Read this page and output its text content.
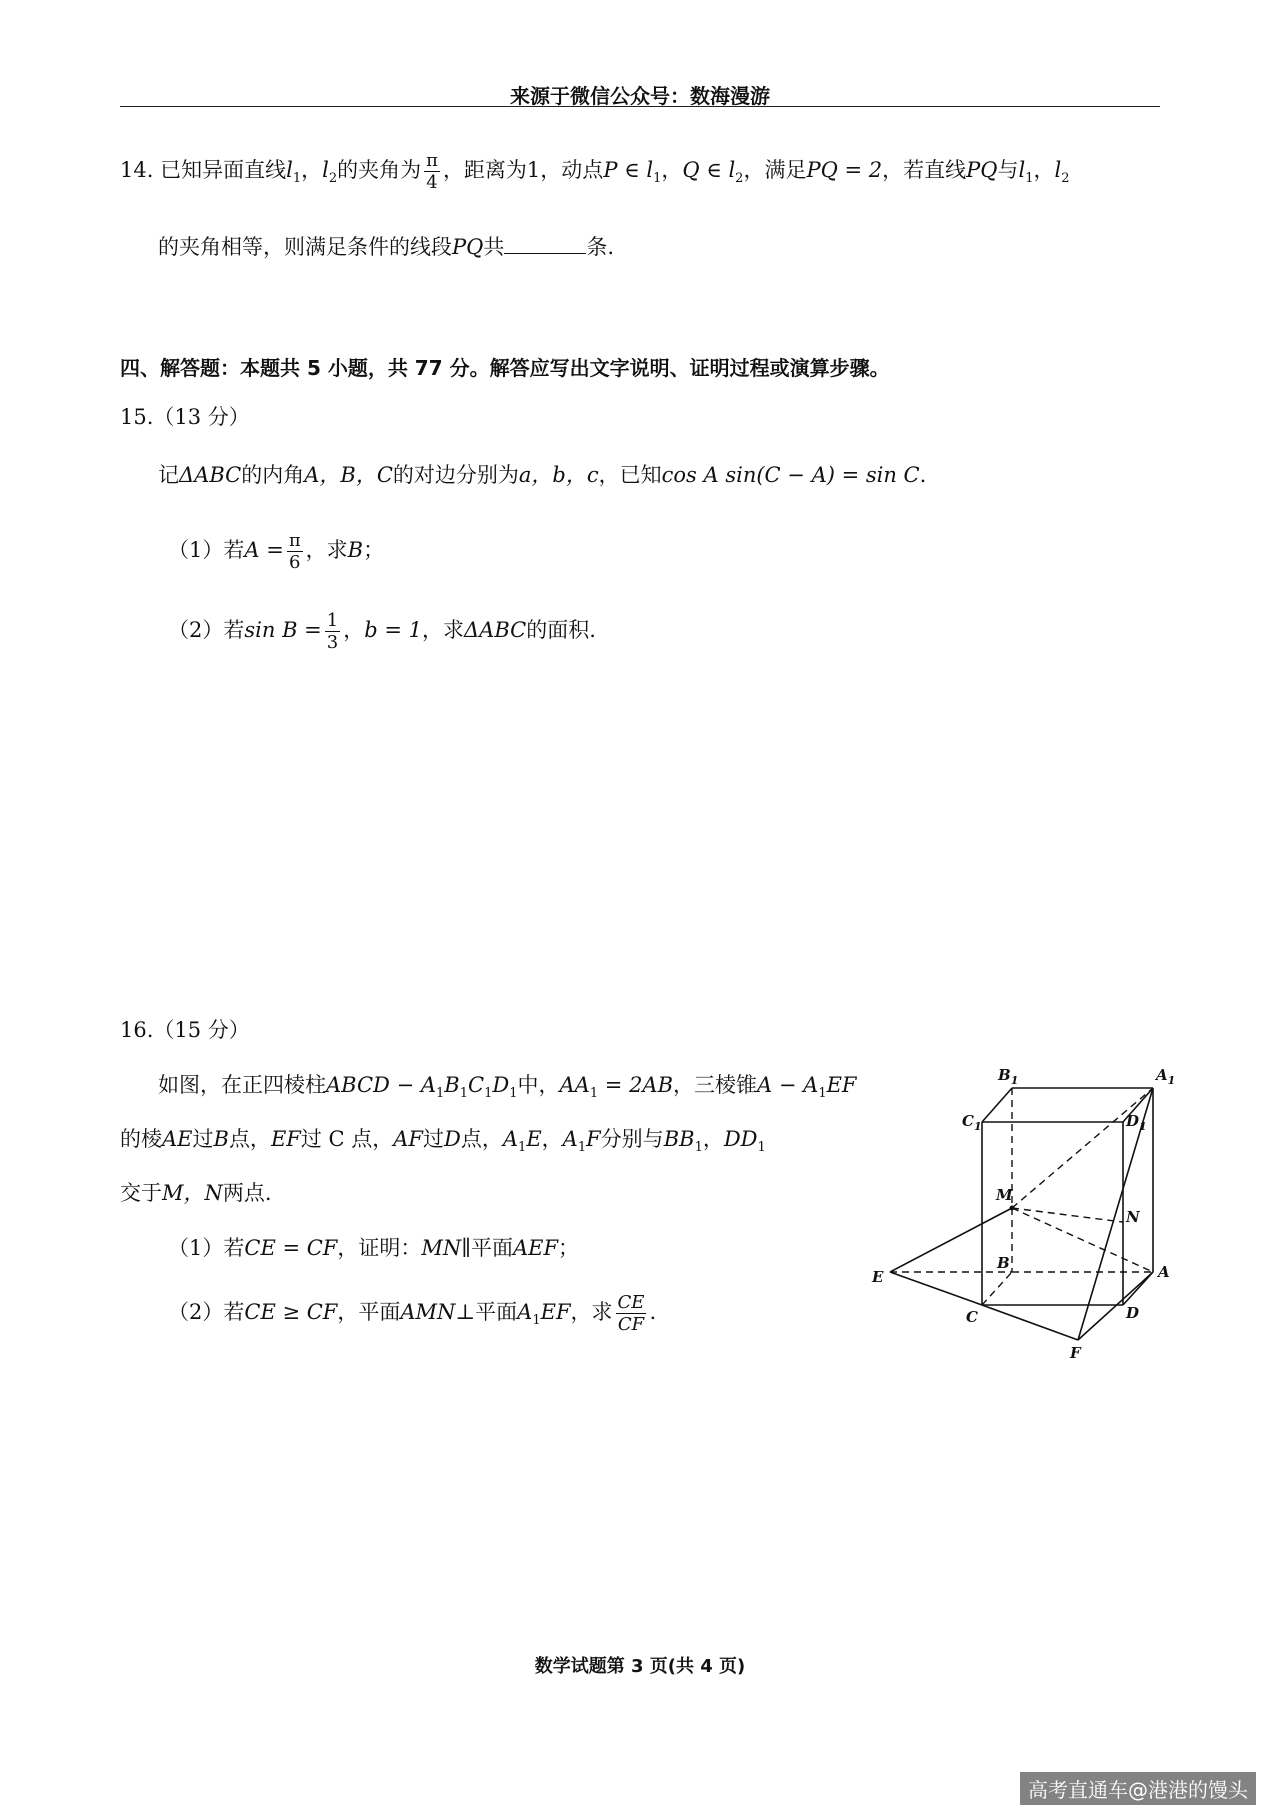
来源于微信公众号：数海漫游
14. 已知异面直线$l_1$，$l_2$的夹角为 $\frac{\pi}{4}$ ，距离为1，动点P ∈ $l_1$，Q ∈ $l_2$，满足PQ = 2，若直线PQ与$l_1$，$l_2$
的夹角相等，则满足条件的线段PQ共	条.
四、解答题：本题共 5 小题，共 77 分。解答应写出文字说明、证明过程或演算步骤。
15.（13 分）
记ΔABC的内角A，B，C的对边分别为a，b，c，已知cos A sin(C − A) = sin C.
（1）若$A = \frac{\pi}{6}$ ，求B；
（2）若$\sin B = \frac{1}{3}$ ，b = 1，求ΔABC的面积.
16.（15 分）
如图，在正四棱柱ABCD − $A_1B_1C_1D_1$中，$AA_1 = 2AB$，三棱锥$A - A_1EF$
的棱AE过B点，EF过 C 点，AF过D点，$A_1E$，$A_1F$分别与$BB_1$，$DD_1$
交于M，N两点.
（1）若CE = CF，证明：MN∥平面AEF；
（2）若CE ≥ CF，平面AMN⊥平面$A_1EF$，求 $\frac{CE}{CF}$ .
$B_1$	$A_1$
$C_1$	$D_1$
M
N
B	A
E
C	D
F
数学试题第 3 页(共 4 页)
高考直通车@港港的馒头
